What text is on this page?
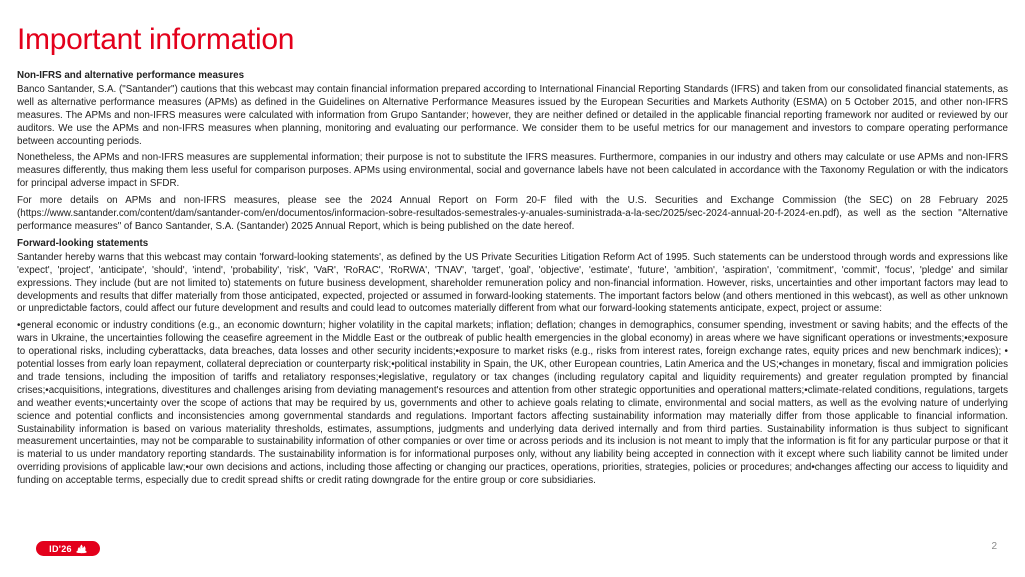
Important information
Non-IFRS and alternative performance measures

Banco Santander, S.A. ("Santander") cautions that this webcast may contain financial information prepared according to International Financial Reporting Standards (IFRS) and taken from our consolidated financial statements, as well as alternative performance measures (APMs) as defined in the Guidelines on Alternative Performance Measures issued by the European Securities and Markets Authority (ESMA) on 5 October 2015, and other non-IFRS measures. The APMs and non-IFRS measures were calculated with information from Grupo Santander; however, they are neither defined or detailed in the applicable financial reporting framework nor audited or reviewed by our auditors. We use the APMs and non-IFRS measures when planning, monitoring and evaluating our performance. We consider them to be useful metrics for our management and investors to compare operating performance between accounting periods.

Nonetheless, the APMs and non-IFRS measures are supplemental information; their purpose is not to substitute the IFRS measures. Furthermore, companies in our industry and others may calculate or use APMs and non-IFRS measures differently, thus making them less useful for comparison purposes. APMs using environmental, social and governance labels have not been calculated in accordance with the Taxonomy Regulation or with the indicators for principal adverse impact in SFDR.

For more details on APMs and non-IFRS measures, please see the 2024 Annual Report on Form 20-F filed with the U.S. Securities and Exchange Commission (the SEC) on 28 February 2025 (https://www.santander.com/content/dam/santander-com/en/documentos/informacion-sobre-resultados-semestrales-y-anuales-suministrada-a-la-sec/2025/sec-2024-annual-20-f-2024-en.pdf), as well as the section "Alternative performance measures" of Banco Santander, S.A. (Santander) 2025 Annual Report, which is being published on the date hereof.

Forward-looking statements

Santander hereby warns that this webcast may contain 'forward-looking statements', as defined by the US Private Securities Litigation Reform Act of 1995. Such statements can be understood through words and expressions like 'expect', 'project', 'anticipate', 'should', 'intend', 'probability', 'risk', 'VaR', 'RoRAC', 'RoRWA', 'TNAV', 'target', 'goal', 'objective', 'estimate', 'future', 'ambition', 'aspiration', 'commitment', 'commit', 'focus', 'pledge' and similar expressions. They include (but are not limited to) statements on future business development, shareholder remuneration policy and non-financial information. However, risks, uncertainties and other important factors may lead to developments and results that differ materially from those anticipated, expected, projected or assumed in forward-looking statements. The important factors below (and others mentioned in this webcast), as well as other unknown or unpredictable factors, could affect our future development and results and could lead to outcomes materially different from what our forward-looking statements anticipate, expect, project or assume:

•general economic or industry conditions (e.g., an economic downturn; higher volatility in the capital markets; inflation; deflation; changes in demographics, consumer spending, investment or saving habits; and the effects of the wars in Ukraine, the uncertainties following the ceasefire agreement in the Middle East or the outbreak of public health emergencies in the global economy) in areas where we have significant operations or investments;•exposure to operational risks, including cyberattacks, data breaches, data losses and other security incidents;•exposure to market risks (e.g., risks from interest rates, foreign exchange rates, equity prices and new benchmark indices); • potential losses from early loan repayment, collateral depreciation or counterparty risk;•political instability in Spain, the UK, other European countries, Latin America and the US;•changes in monetary, fiscal and immigration policies and trade tensions, including the imposition of tariffs and retaliatory responses;•legislative, regulatory or tax changes (including regulatory capital and liquidity requirements) and greater regulation prompted by financial crises;•acquisitions, integrations, divestitures and challenges arising from deviating management's resources and attention from other strategic opportunities and operational matters;•climate-related conditions, regulations, targets and weather events;•uncertainty over the scope of actions that may be required by us, governments and other to achieve goals relating to climate, environmental and social matters, as well as the evolving nature of underlying science and potential conflicts and inconsistencies among governmental standards and regulations. Important factors affecting sustainability information may materially differ from those applicable to financial information. Sustainability information is based on various materiality thresholds, estimates, assumptions, judgments and underlying data derived internally and from third parties. Sustainability information is thus subject to significant measurement uncertainties, may not be comparable to sustainability information of other companies or over time or across periods and its inclusion is not meant to imply that the information is fit for any particular purpose or that it is material to us under mandatory reporting standards. The sustainability information is for informational purposes only, without any liability being accepted in connection with it except where such liability cannot be limited under overriding provisions of applicable law;•our own decisions and actions, including those affecting or changing our practices, operations, priorities, strategies, policies or procedures; and•changes affecting our access to liquidity and funding on acceptable terms, especially due to credit spread shifts or credit rating downgrade for the entire group or core subsidiaries.

ID'26	2
